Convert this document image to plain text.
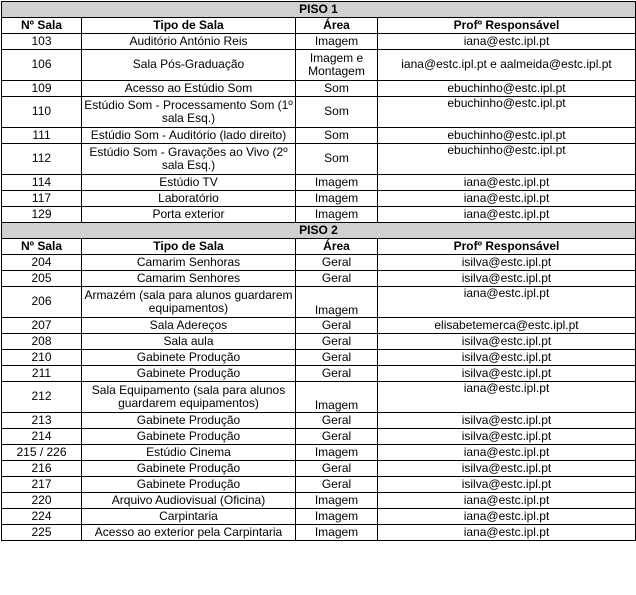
PISO 1			
Nº Sala	Tipo de Sala	Área	Profº Responsável
103	Auditório António Reis	Imagem	iana@estc.ipl.pt
106	Sala Pós-Graduação	Imagem e Montagem	iana@estc.ipl.pt e aalmeida@estc.ipl.pt
109	Acesso ao Estúdio Som	Som	ebuchinho@estc.ipl.pt
110	Estúdio Som - Processamento Som (1º sala Esq.)	Som	ebuchinho@estc.ipl.pt
111	Estúdio Som - Auditório (lado direito)	Som	ebuchinho@estc.ipl.pt
112	Estúdio Som - Gravações ao Vivo (2º sala Esq.)	Som	ebuchinho@estc.ipl.pt
114	Estúdio TV	Imagem	iana@estc.ipl.pt
117	Laboratório	Imagem	iana@estc.ipl.pt
129	Porta exterior	Imagem	iana@estc.ipl.pt
PISO 2			
Nº Sala	Tipo de Sala	Área	Profº Responsável
204	Camarim Senhoras	Geral	isilva@estc.ipl.pt
205	Camarim Senhores	Geral	isilva@estc.ipl.pt
206	Armazém (sala para alunos guardarem equipamentos)	Imagem	iana@estc.ipl.pt
207	Sala Adereços	Geral	elisabetemerca@estc.ipl.pt
208	Sala aula	Geral	isilva@estc.ipl.pt
210	Gabinete Produção	Geral	isilva@estc.ipl.pt
211	Gabinete Produção	Geral	isilva@estc.ipl.pt
212	Sala Equipamento (sala para alunos guardarem equipamentos)	Imagem	iana@estc.ipl.pt
213	Gabinete Produção	Geral	isilva@estc.ipl.pt
214	Gabinete Produção	Geral	isilva@estc.ipl.pt
215 / 226	Estúdio Cinema	Imagem	iana@estc.ipl.pt
216	Gabinete Produção	Geral	isilva@estc.ipl.pt
217	Gabinete Produção	Geral	isilva@estc.ipl.pt
220	Arquivo Audiovisual (Oficina)	Imagem	iana@estc.ipl.pt
224	Carpintaria	Imagem	iana@estc.ipl.pt
225	Acesso ao exterior pela Carpintaria	Imagem	iana@estc.ipl.pt
